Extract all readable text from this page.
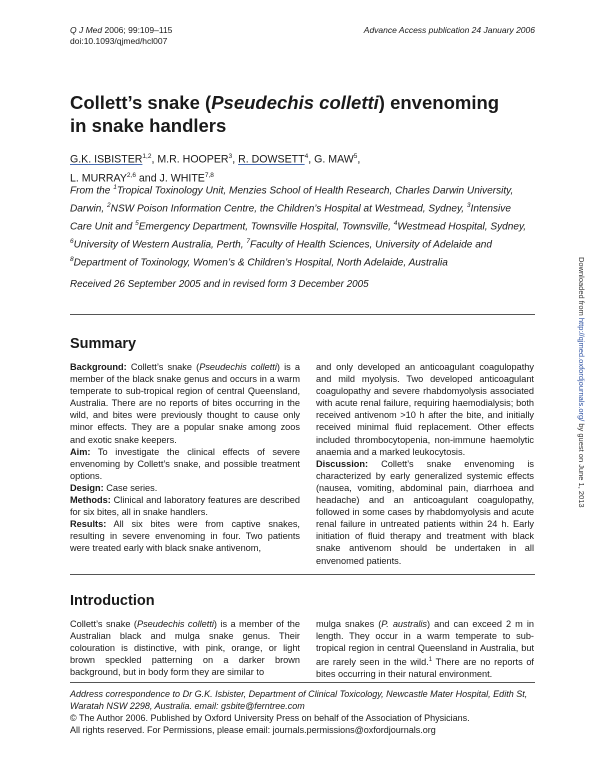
Q J Med 2006; 99:109–115
doi:10.1093/qjmed/hcl007
Advance Access publication 24 January 2006
Collett’s snake (Pseudechis colletti) envenoming
in snake handlers
G.K. ISBISTER$^{1,2}$, M.R. HOOPER$^3$, R. DOWSETT$^4$, G. MAW$^5$,
L. MURRAY$^{2,6}$ and J. WHITE$^{7,8}$
From the $^1$Tropical Toxinology Unit, Menzies School of Health Research, Charles Darwin University, Darwin, $^2$NSW Poison Information Centre, the Children’s Hospital at Westmead, Sydney, $^3$Intensive Care Unit and $^5$Emergency Department, Townsville Hospital, Townsville, $^4$Westmead Hospital, Sydney, $^6$University of Western Australia, Perth, $^7$Faculty of Health Sciences, University of Adelaide and $^8$Department of Toxinology, Women’s & Children’s Hospital, North Adelaide, Australia
Received 26 September 2005 and in revised form 3 December 2005
Summary

Background: Collett’s snake (Pseudechis colletti) is a member of the black snake genus and occurs in a warm temperate to sub-tropical region of central Queensland, Australia. There are no reports of bites occurring in the wild, and bites were previously thought to cause only minor effects. They are a popular snake among zoos and exotic snake keepers.

Aim: To investigate the clinical effects of severe envenoming by Collett’s snake, and possible treatment options.

Design: Case series.

Methods: Clinical and laboratory features are described for six bites, all in snake handlers.

Results: All six bites were from captive snakes, resulting in severe envenoming in four. Two patients were treated early with black snake antivenom,

and only developed an anticoagulant coagulopathy and mild myolysis. Two developed anticoagulant coagulopathy and severe rhabdomyolysis associated with acute renal failure, requiring haemodialysis; both received antivenom >10 h after the bite, and initially received minimal fluid replacement. Other effects included thrombocytopenia, non-immune haemolytic anaemia and a marked leukocytosis.

Discussion: Collett’s snake envenoming is characterized by early generalized systemic effects (nausea, vomiting, abdominal pain, diarrhoea and headache) and an anticoagulant coagulopathy, followed in some cases by rhabdomyolysis and acute renal failure in untreated patients within 24 h. Early initiation of fluid therapy and treatment with black snake antivenom should be undertaken in all envenomed patients.

Introduction

Collett’s snake (Pseudechis colletti) is a member of the Australian black and mulga snake genus. Their colouration is distinctive, with pink, orange, or light brown speckled patterning on a darker brown background, but in body form they are similar to

mulga snakes (P. australis) and can exceed 2 m in length. They occur in a warm temperate to sub-tropical region in central Queensland in Australia, but are rarely seen in the wild.$^1$ There are no reports of bites occurring in their natural environment.

Address correspondence to Dr G.K. Isbister, Department of Clinical Toxicology, Newcastle Mater Hospital, Edith St, Waratah NSW 2298, Australia. email: gsbite@ferntree.com
© The Author 2006. Published by Oxford University Press on behalf of the Association of Physicians.
All rights reserved. For Permissions, please email: journals.permissions@oxfordjournals.org
Downloaded from http://qjmed.oxfordjournals.org/ by guest on June 1, 2013
